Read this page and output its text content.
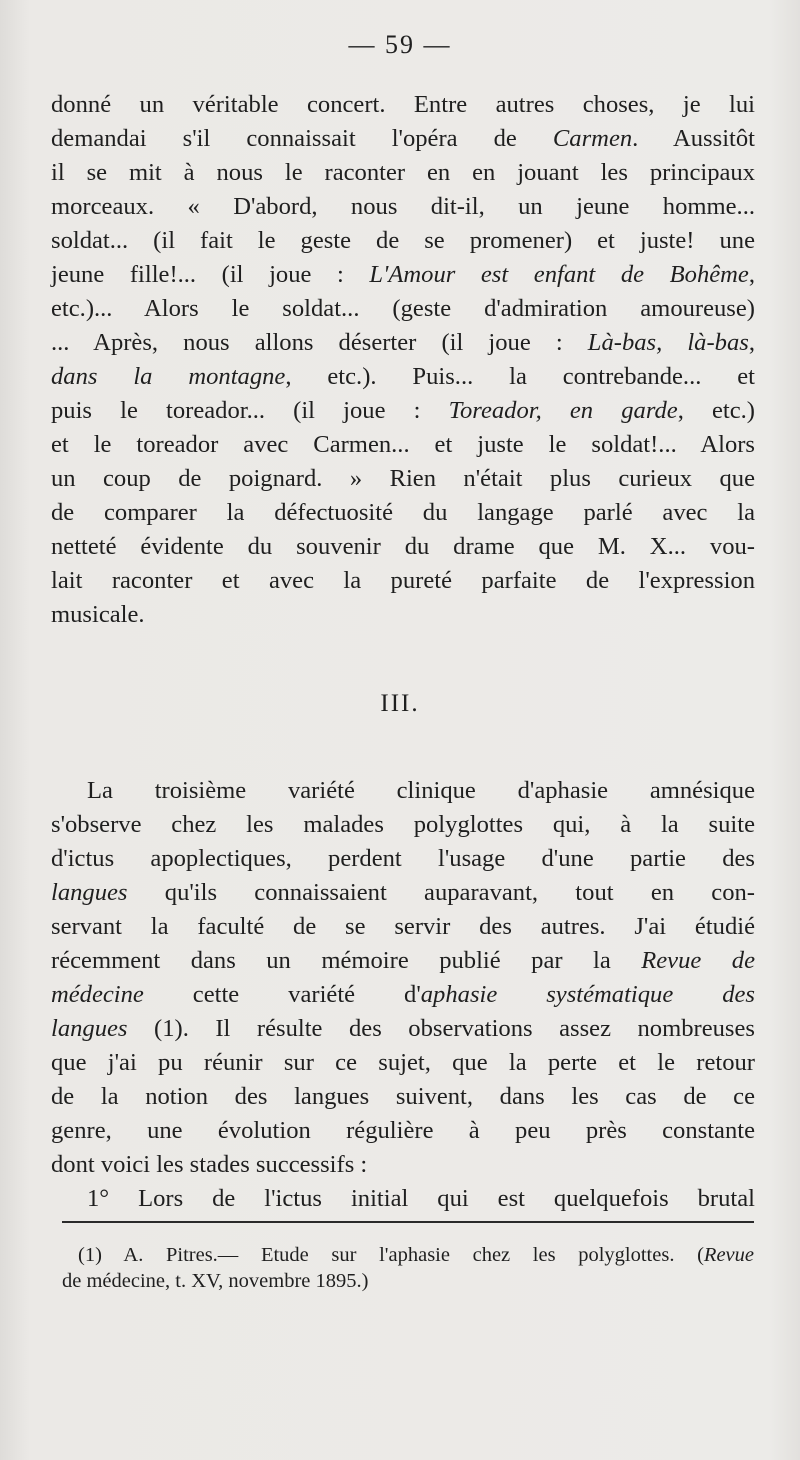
— 59 —
donné un véritable concert. Entre autres choses, je lui
demandai s'il connaissait l'opéra de Carmen. Aussitôt
il se mit à nous le raconter en en jouant les principaux
morceaux. « D'abord, nous dit-il, un jeune homme...
soldat... (il fait le geste de se promener) et juste! une
jeune fille!... (il joue : L'Amour est enfant de Bohême,
etc.)... Alors le soldat... (geste d'admiration amoureuse)
... Après, nous allons déserter (il joue : Là-bas, là-bas,
dans la montagne, etc.). Puis... la contrebande... et
puis le toreador... (il joue : Toreador, en garde, etc.)
et le toreador avec Carmen... et juste le soldat!... Alors
un coup de poignard. » Rien n'était plus curieux que
de comparer la défectuosité du langage parlé avec la
netteté évidente du souvenir du drame que M. X... vou-
lait raconter et avec la pureté parfaite de l'expression
musicale.
III.
La troisième variété clinique d'aphasie amnésique
s'observe chez les malades polyglottes qui, à la suite
d'ictus apoplectiques, perdent l'usage d'une partie des
langues qu'ils connaissaient auparavant, tout en con-
servant la faculté de se servir des autres. J'ai étudié
récemment dans un mémoire publié par la Revue de
médecine cette variété d'aphasie systématique des
langues (1). Il résulte des observations assez nombreuses
que j'ai pu réunir sur ce sujet, que la perte et le retour
de la notion des langues suivent, dans les cas de ce
genre, une évolution régulière à peu près constante
dont voici les stades successifs :
1° Lors de l'ictus initial qui est quelquefois brutal
(1) A. Pitres.— Etude sur l'aphasie chez les polyglottes. (Revue
de médecine, t. XV, novembre 1895.)
